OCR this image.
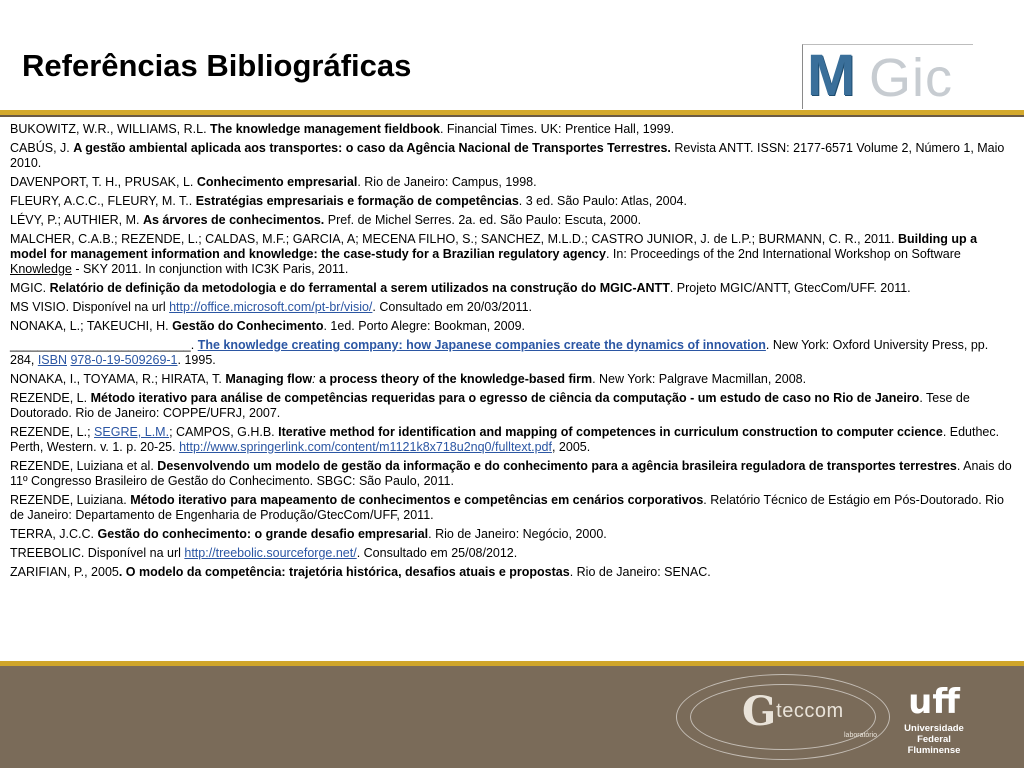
Referências Bibliográficas	M Gic

BUKOWITZ, W.R., WILLIAMS, R.L. The knowledge management fieldbook. Financial Times. UK: Prentice Hall, 1999.

CABÚS, J. A gestão ambiental aplicada aos transportes: o caso da Agência Nacional de Transportes Terrestres. Revista ANTT. ISSN: 2177-6571 Volume 2, Número 1, Maio 2010.

DAVENPORT, T. H., PRUSAK, L. Conhecimento empresarial. Rio de Janeiro: Campus, 1998.

FLEURY, A.C.C., FLEURY, M. T.. Estratégias empresariais e formação de competências. 3 ed. São Paulo: Atlas, 2004.

LÉVY, P.; AUTHIER, M. As árvores de conhecimentos. Pref. de Michel Serres. 2a. ed. São Paulo: Escuta, 2000.

MALCHER, C.A.B.; REZENDE, L.; CALDAS, M.F.; GARCIA, A; MECENA FILHO, S.; SANCHEZ, M.L.D.; CASTRO JUNIOR, J. de L.P.; BURMANN, C. R., 2011. Building up a model for management information and knowledge: the case-study for a Brazilian regulatory agency. In: Proceedings of the 2nd International Workshop on Software Knowledge - SKY 2011. In conjunction with IC3K Paris, 2011.

MGIC. Relatório de definição da metodologia e do ferramental a serem utilizados na construção do MGIC-ANTT. Projeto MGIC/ANTT, GtecCom/UFF. 2011.

MS VISIO. Disponível na url http://office.microsoft.com/pt-br/visio/. Consultado em 20/03/2011.

NONAKA, L.; TAKEUCHI, H. Gestão do Conhecimento. 1ed. Porto Alegre: Bookman, 2009.

__________________________. The knowledge creating company: how Japanese companies create the dynamics of innovation. New York: Oxford University Press, pp. 284, ISBN 978-0-19-509269-1. 1995.

NONAKA, I., TOYAMA, R.; HIRATA, T. Managing flow: a process theory of the knowledge-based firm. New York: Palgrave Macmillan, 2008.

REZENDE, L. Método iterativo para análise de competências requeridas para o egresso de ciência da computação - um estudo de caso no Rio de Janeiro. Tese de Doutorado. Rio de Janeiro: COPPE/UFRJ, 2007.

REZENDE, L.; SEGRE, L.M.; CAMPOS, G.H.B. Iterative method for identification and mapping of competences in curriculum construction to computer ccience. Eduthec. Perth, Western. v. 1. p. 20-25. http://www.springerlink.com/content/m1121k8x718u2nq0/fulltext.pdf, 2005.

REZENDE, Luiziana et al. Desenvolvendo um modelo de gestão da informação e do conhecimento para a agência brasileira reguladora de transportes terrestres. Anais do 11º Congresso Brasileiro de Gestão do Conhecimento. SBGC: São Paulo, 2011.

REZENDE, Luiziana. Método iterativo para mapeamento de conhecimentos e competências em cenários corporativos. Relatório Técnico de Estágio em Pós-Doutorado. Rio de Janeiro: Departamento de Engenharia de Produção/GtecCom/UFF, 2011.

TERRA, J.C.C. Gestão do conhecimento: o grande desafio empresarial. Rio de Janeiro: Negócio, 2000.

TREEBOLIC. Disponível na url http://treebolic.sourceforge.net/. Consultado em 25/08/2012.

ZARIFIAN, P., 2005. O modelo da competência: trajetória histórica, desafios atuais e propostas. Rio de Janeiro: SENAC.

Gteccom
laboratório
uff
Universidade
Federal
Fluminense
